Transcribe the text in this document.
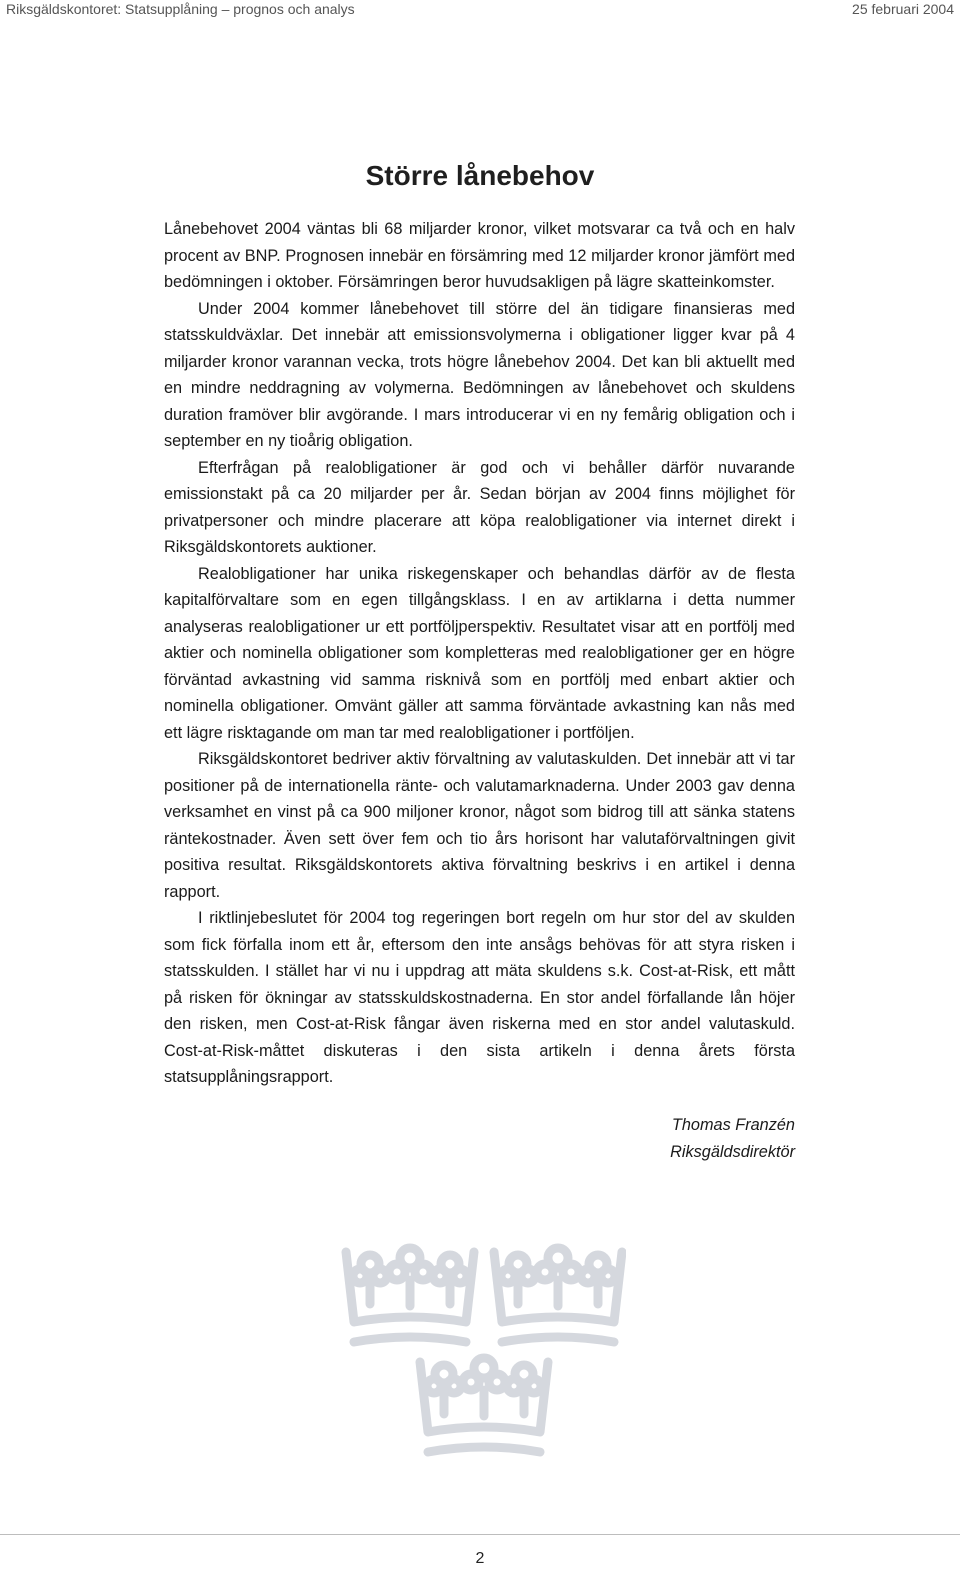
Riksgäldskontoret: Statsupplåning – prognos och analys	25 februari 2004
Större lånebehov

Lånebehovet 2004 väntas bli 68 miljarder kronor, vilket motsvarar ca två och en halv procent av BNP. Prognosen innebär en försämring med 12 miljarder kronor jämfört med bedömningen i oktober. Försämringen beror huvudsakligen på lägre skatteinkomster.

Under 2004 kommer lånebehovet till större del än tidigare finansieras med statsskuldväxlar. Det innebär att emissionsvolymerna i obligationer ligger kvar på 4 miljarder kronor varannan vecka, trots högre lånebehov 2004. Det kan bli aktuellt med en mindre neddragning av volymerna. Bedömningen av lånebehovet och skuldens duration framöver blir avgörande. I mars introducerar vi en ny femårig obligation och i september en ny tioårig obligation.

Efterfrågan på realobligationer är god och vi behåller därför nuvarande emissionstakt på ca 20 miljarder per år. Sedan början av 2004 finns möjlighet för privatpersoner och mindre placerare att köpa realobligationer via internet direkt i Riksgäldskontorets auktioner.

Realobligationer har unika riskegenskaper och behandlas därför av de flesta kapitalförvaltare som en egen tillgångsklass. I en av artiklarna i detta nummer analyseras realobligationer ur ett portföljperspektiv. Resultatet visar att en portfölj med aktier och nominella obligationer som kompletteras med realobligationer ger en högre förväntad avkastning vid samma risknivå som en portfölj med enbart aktier och nominella obligationer. Omvänt gäller att samma förväntade avkastning kan nås med ett lägre risktagande om man tar med realobligationer i portföljen.

Riksgäldskontoret bedriver aktiv förvaltning av valutaskulden. Det innebär att vi tar positioner på de internationella ränte- och valutamarknaderna. Under 2003 gav denna verksamhet en vinst på ca 900 miljoner kronor, något som bidrog till att sänka statens räntekostnader. Även sett över fem och tio års horisont har valutaförvaltningen givit positiva resultat. Riksgäldskontorets aktiva förvaltning beskrivs i en artikel i denna rapport.

I riktlinjebeslutet för 2004 tog regeringen bort regeln om hur stor del av skulden som fick förfalla inom ett år, eftersom den inte ansågs behövas för att styra risken i statsskulden. I stället har vi nu i uppdrag att mäta skuldens s.k. Cost-at-Risk, ett mått på risken för ökningar av statsskuldskostnaderna. En stor andel förfallande lån höjer den risken, men Cost-at-Risk fångar även riskerna med en stor andel valutaskuld. Cost-at-Risk-måttet diskuteras i den sista artikeln i denna årets första statsupplåningsrapport.

Thomas Franzén
Riksgäldsdirektör
2
